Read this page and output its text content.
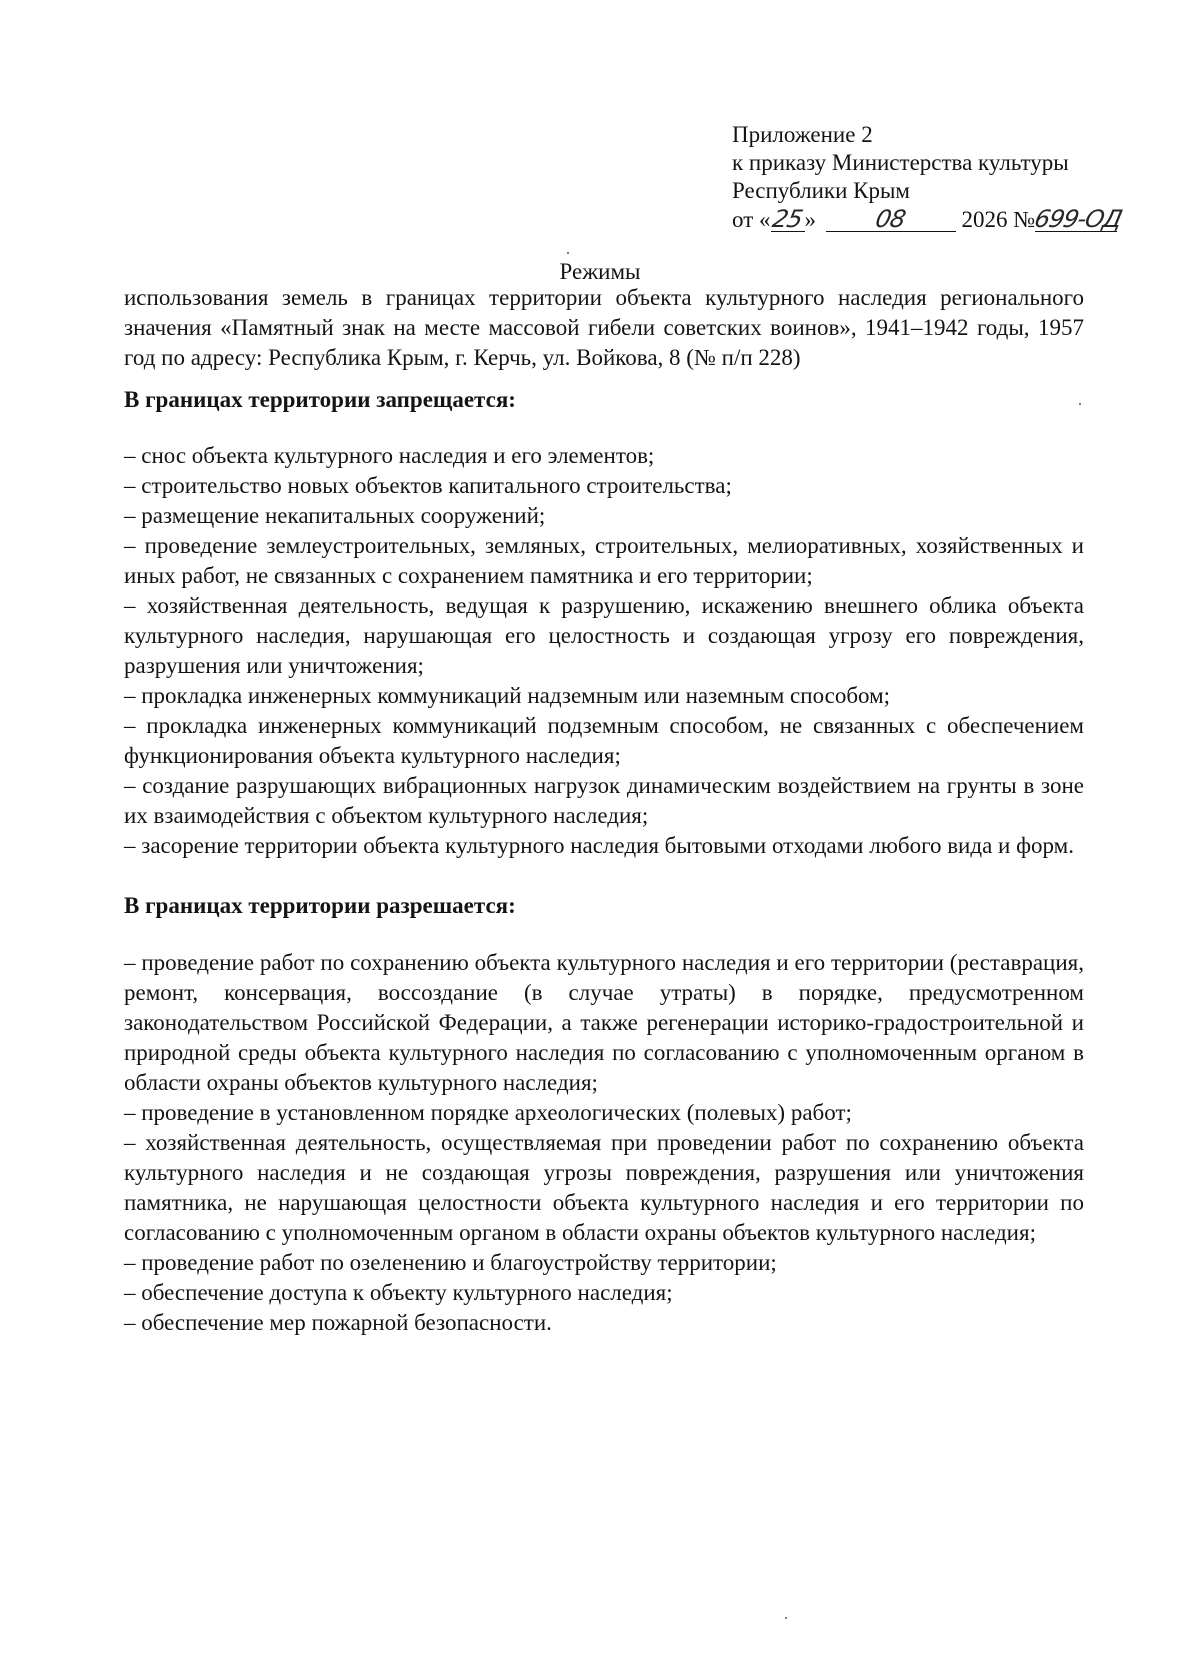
Приложение 2
к приказу Министерства культуры
Республики Крым
от «25» 08 2026 №699-ОД
Режимы
использования земель в границах территории объекта культурного наследия регионального значения «Памятный знак на месте массовой гибели советских воинов», 1941–1942 годы, 1957 год по адресу: Республика Крым, г. Керчь, ул. Войкова, 8 (№ п/п 228)
В границах территории запрещается:
– снос объекта культурного наследия и его элементов;
– строительство новых объектов капитального строительства;
– размещение некапитальных сооружений;
– проведение землеустроительных, земляных, строительных, мелиоративных, хозяйственных и иных работ, не связанных с сохранением памятника и его территории;
– хозяйственная деятельность, ведущая к разрушению, искажению внешнего облика объекта культурного наследия, нарушающая его целостность и создающая угрозу его повреждения, разрушения или уничтожения;
– прокладка инженерных коммуникаций надземным или наземным способом;
– прокладка инженерных коммуникаций подземным способом, не связанных с обеспечением функционирования объекта культурного наследия;
– создание разрушающих вибрационных нагрузок динамическим воздействием на грунты в зоне их взаимодействия с объектом культурного наследия;
– засорение территории объекта культурного наследия бытовыми отходами любого вида и форм.
В границах территории разрешается:
– проведение работ по сохранению объекта культурного наследия и его территории (реставрация, ремонт, консервация, воссоздание (в случае утраты) в порядке, предусмотренном законодательством Российской Федерации, а также регенерации историко-градостроительной и природной среды объекта культурного наследия по согласованию с уполномоченным органом в области охраны объектов культурного наследия;
– проведение в установленном порядке археологических (полевых) работ;
– хозяйственная деятельность, осуществляемая при проведении работ по сохранению объекта культурного наследия и не создающая угрозы повреждения, разрушения или уничтожения памятника, не нарушающая целостности объекта культурного наследия и его территории по согласованию с уполномоченным органом в области охраны объектов культурного наследия;
– проведение работ по озеленению и благоустройству территории;
– обеспечение доступа к объекту культурного наследия;
– обеспечение мер пожарной безопасности.
